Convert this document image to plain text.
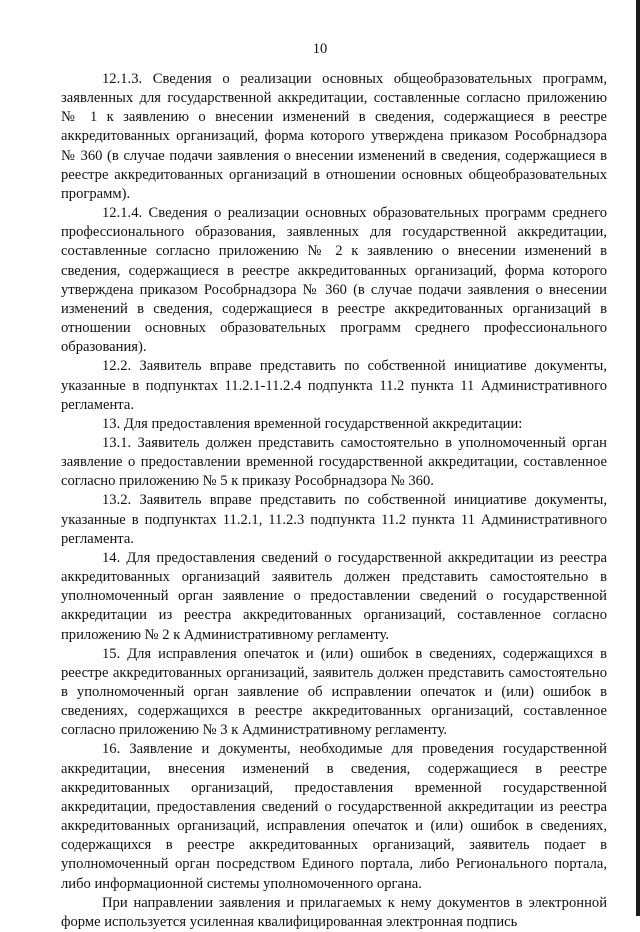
10

12.1.3. Сведения о реализации основных общеобразовательных программ, заявленных для государственной аккредитации, составленные согласно приложению № 1 к заявлению о внесении изменений в сведения, содержащиеся в реестре аккредитованных организаций, форма которого утверждена приказом Рособрнадзора № 360 (в случае подачи заявления о внесении изменений в сведения, содержащиеся в реестре аккредитованных организаций в отношении основных общеобразовательных программ).

12.1.4. Сведения о реализации основных образовательных программ среднего профессионального образования, заявленных для государственной аккредитации, составленные согласно приложению № 2 к заявлению о внесении изменений в сведения, содержащиеся в реестре аккредитованных организаций, форма которого утверждена приказом Рособрнадзора № 360 (в случае подачи заявления о внесении изменений в сведения, содержащиеся в реестре аккредитованных организаций в отношении основных образовательных программ среднего профессионального образования).

12.2. Заявитель вправе представить по собственной инициативе документы, указанные в подпунктах 11.2.1-11.2.4 подпункта 11.2 пункта 11 Административного регламента.

13. Для предоставления временной государственной аккредитации:

13.1. Заявитель должен представить самостоятельно в уполномоченный орган заявление о предоставлении временной государственной аккредитации, составленное согласно приложению № 5 к приказу Рособрнадзора № 360.

13.2. Заявитель вправе представить по собственной инициативе документы, указанные в подпунктах 11.2.1, 11.2.3 подпункта 11.2 пункта 11 Административного регламента.

14. Для предоставления сведений о государственной аккредитации из реестра аккредитованных организаций заявитель должен представить самостоятельно в уполномоченный орган заявление о предоставлении сведений о государственной аккредитации из реестра аккредитованных организаций, составленное согласно приложению № 2 к Административному регламенту.

15. Для исправления опечаток и (или) ошибок в сведениях, содержащихся в реестре аккредитованных организаций, заявитель должен представить самостоятельно в уполномоченный орган заявление об исправлении опечаток и (или) ошибок в сведениях, содержащихся в реестре аккредитованных организаций, составленное согласно приложению № 3 к Административному регламенту.

16. Заявление и документы, необходимые для проведения государственной аккредитации, внесения изменений в сведения, содержащиеся в реестре аккредитованных организаций, предоставления временной государственной аккредитации, предоставления сведений о государственной аккредитации из реестра аккредитованных организаций, исправления опечаток и (или) ошибок в сведениях, содержащихся в реестре аккредитованных организаций, заявитель подает в уполномоченный орган посредством Единого портала, либо Регионального портала, либо информационной системы уполномоченного органа.

При направлении заявления и прилагаемых к нему документов в электронной форме используется усиленная квалифицированная электронная подпись
